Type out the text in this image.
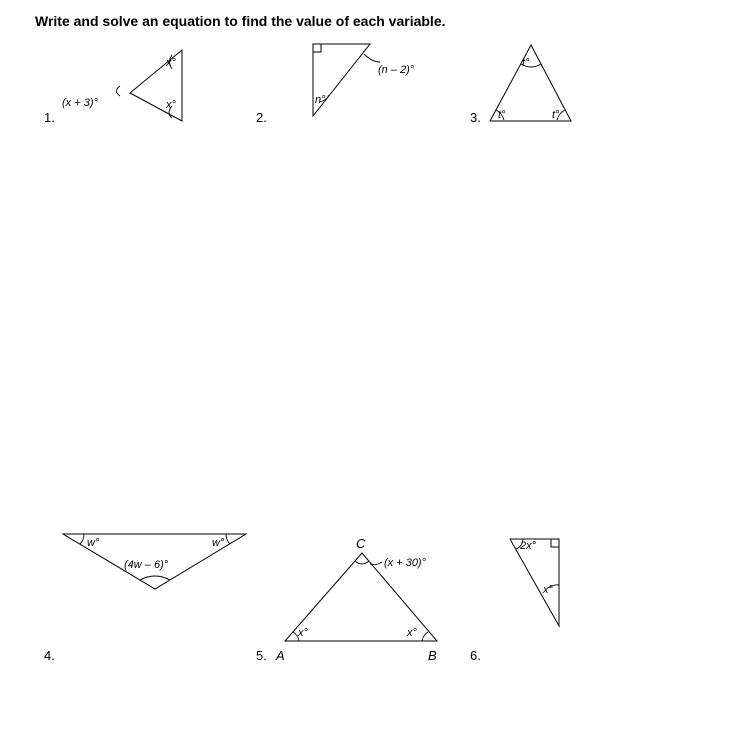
Write and solve an equation to find the value of each variable.

1.	2.	3.
4.	5.	6.
(x + 3)°
x°
x°
(n – 2)°
n°
t°
t°	t°
w°	w°
(4w – 6)°
C
A	B
(x + 30)°
x°	x°
2x°
x°
